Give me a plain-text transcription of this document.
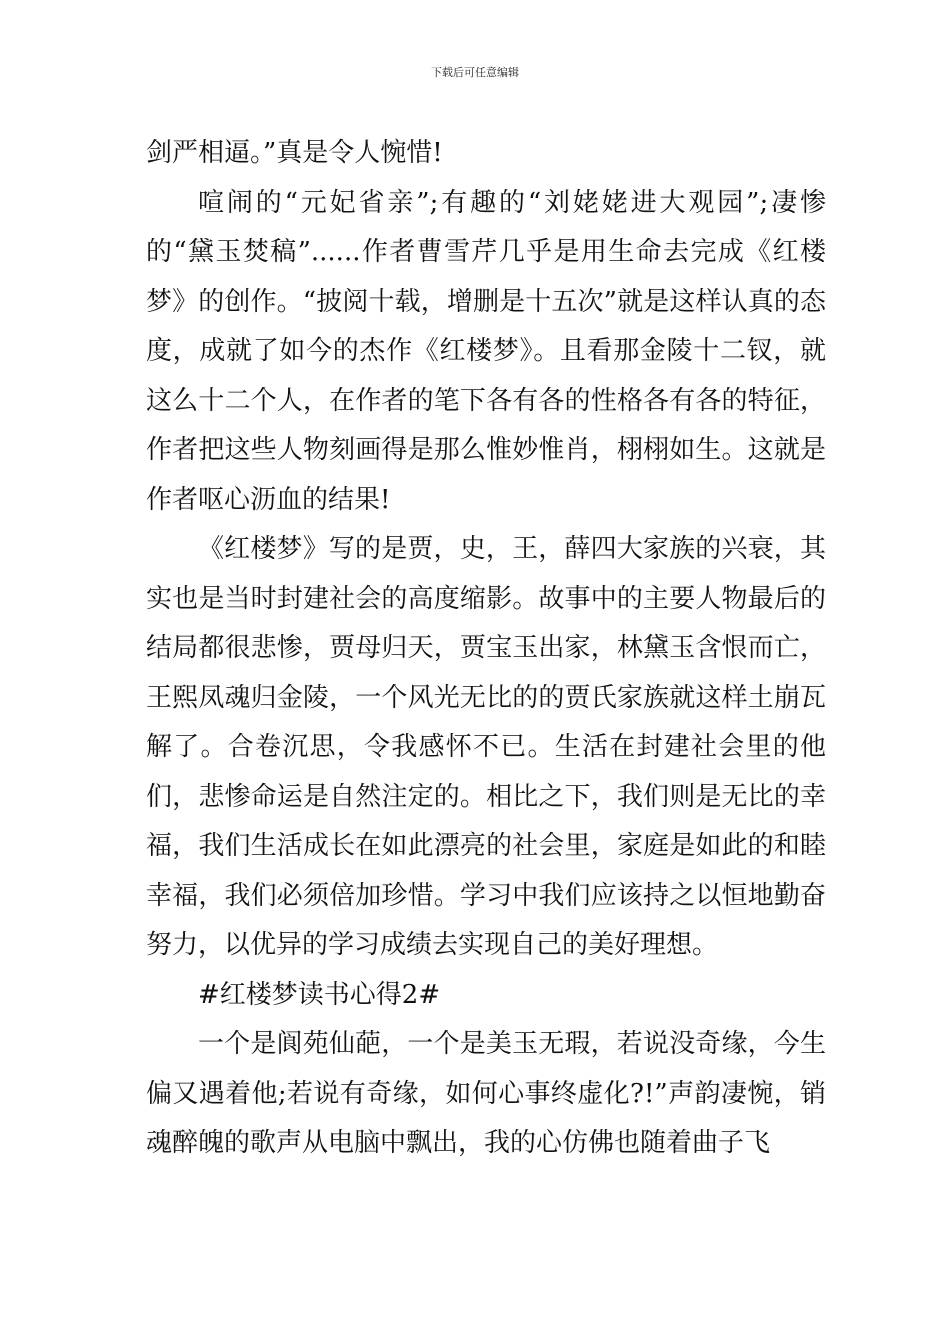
下载后可任意编辑

剑严相逼。”真是令人惋惜!

喧闹的“元妃省亲”;有趣的“刘姥姥进大观园”;凄惨的“黛玉焚稿”......作者曹雪芹几乎是用生命去完成《红楼梦》的创作。“披阅十载，增删是十五次”就是这样认真的态度，成就了如今的杰作《红楼梦》。且看那金陵十二钗，就这么十二个人，在作者的笔下各有各的性格各有各的特征，作者把这些人物刻画得是那么惟妙惟肖，栩栩如生。这就是作者呕心沥血的结果!

《红楼梦》写的是贾，史，王，薛四大家族的兴衰，其实也是当时封建社会的高度缩影。故事中的主要人物最后的结局都很悲惨，贾母归天，贾宝玉出家，林黛玉含恨而亡，王熙凤魂归金陵，一个风光无比的的贾氏家族就这样土崩瓦解了。合卷沉思，令我感怀不已。生活在封建社会里的他们，悲惨命运是自然注定的。相比之下，我们则是无比的幸福，我们生活成长在如此漂亮的社会里，家庭是如此的和睦幸福，我们必须倍加珍惜。学习中我们应该持之以恒地勤奋努力，以优异的学习成绩去实现自己的美好理想。

#红楼梦读书心得2#

一个是阆苑仙葩，一个是美玉无瑕，若说没奇缘，今生偏又遇着他;若说有奇缘，如何心事终虚化?!”声韵凄惋，销魂醉魄的歌声从电脑中飘出，我的心仿佛也随着曲子飞
